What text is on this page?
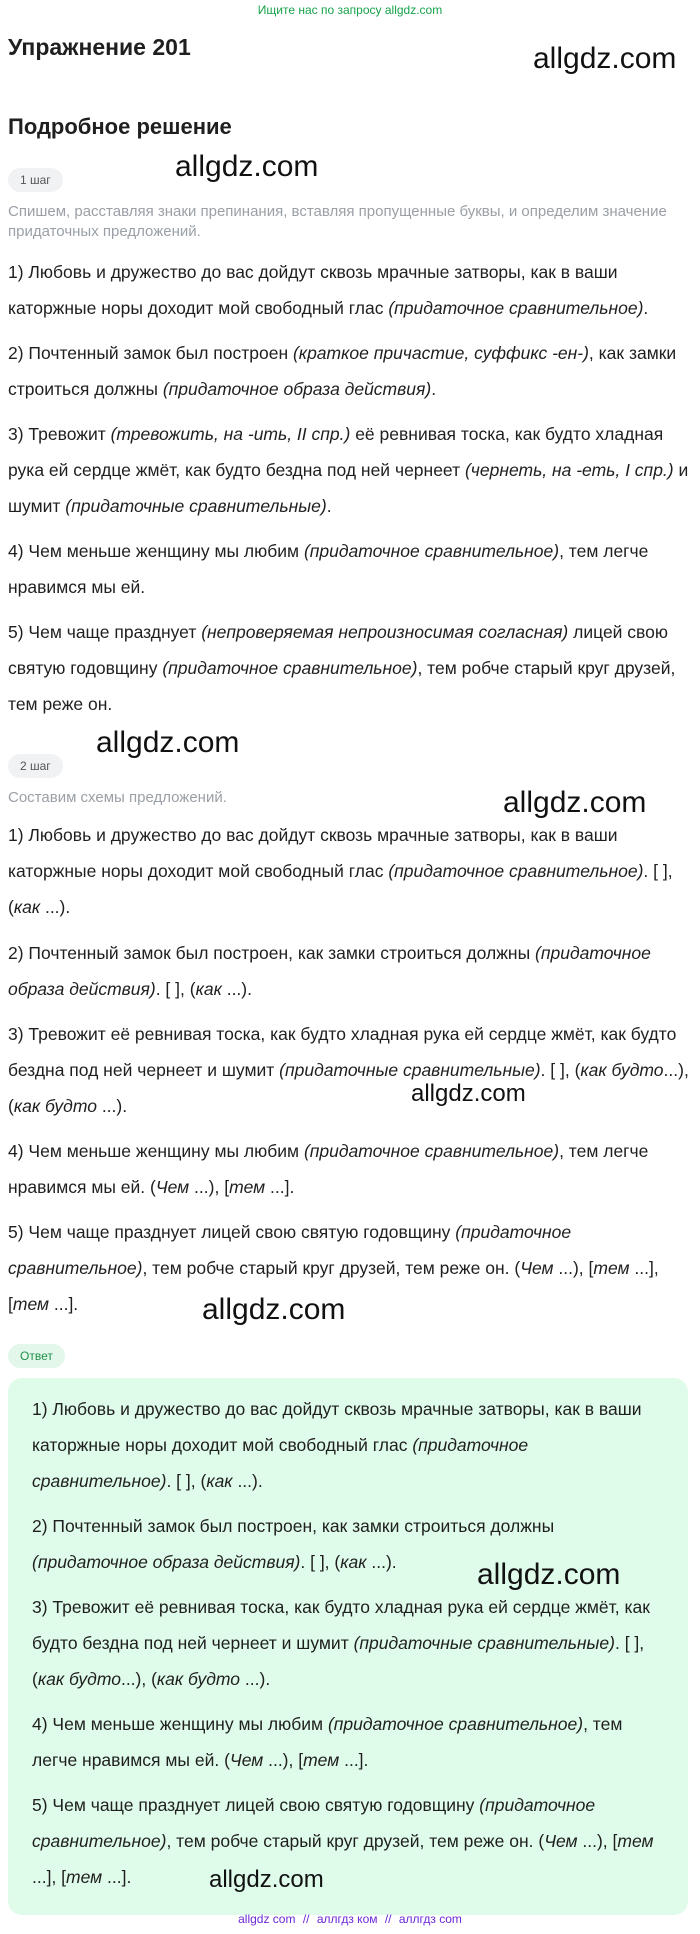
Ищите нас по запросу allgdz.com
Упражнение 201
Подробное решение
1 шаг

Спишем, расставляя знаки препинания, вставляя пропущенные буквы, и определим значение придаточных предложений.

1) Любовь и дружество до вас дойдут сквозь мрачные затворы, как в ваши каторжные норы доходит мой свободный глас (придаточное сравнительное).

2) Почтенный замок был построен (краткое причастие, суффикс -ен-), как замки строиться должны (придаточное образа действия).

3) Тревожит (тревожить, на -ить, II спр.) её ревнивая тоска, как будто хладная рука ей сердце жмёт, как будто бездна под ней чернеет (чернеть, на -еть, I спр.) и шумит (придаточные сравнительные).

4) Чем меньше женщину мы любим (придаточное сравнительное), тем легче нравимся мы ей.

5) Чем чаще празднует (непроверяемая непроизносимая согласная) лицей свою святую годовщину (придаточное сравнительное), тем робче старый круг друзей, тем реже он.

2 шаг

Составим схемы предложений.

1) Любовь и дружество до вас дойдут сквозь мрачные затворы, как в ваши каторжные норы доходит мой свободный глас (придаточное сравнительное). [ ], (как ...).

2) Почтенный замок был построен, как замки строиться должны (придаточное образа действия). [ ], (как ...).

3) Тревожит её ревнивая тоска, как будто хладная рука ей сердце жмёт, как будто бездна под ней чернеет и шумит (придаточные сравнительные). [ ], (как будто...), (как будто ...).

4) Чем меньше женщину мы любим (придаточное сравнительное), тем легче нравимся мы ей. (Чем ...), [тем ...].

5) Чем чаще празднует лицей свою святую годовщину (придаточное сравнительное), тем робче старый круг друзей, тем реже он. (Чем ...), [тем ...], [тем ...].

Ответ

1) Любовь и дружество до вас дойдут сквозь мрачные затворы, как в ваши каторжные норы доходит мой свободный глас (придаточное сравнительное). [ ], (как ...).

2) Почтенный замок был построен, как замки строиться должны (придаточное образа действия). [ ], (как ...).

3) Тревожит её ревнивая тоска, как будто хладная рука ей сердце жмёт, как будто бездна под ней чернеет и шумит (придаточные сравнительные). [ ], (как будто...), (как будто ...).

4) Чем меньше женщину мы любим (придаточное сравнительное), тем легче нравимся мы ей. (Чем ...), [тем ...].

5) Чем чаще празднует лицей свою святую годовщину (придаточное сравнительное), тем робче старый круг друзей, тем реже он. (Чем ...), [тем ...], [тем ...].

allgdz.com
allgdz.com
allgdz.com
allgdz.com
allgdz.com
allgdz.com
allgdz.com
allgdz.com
allgdz com // аллгдз ком // аллгдз com
